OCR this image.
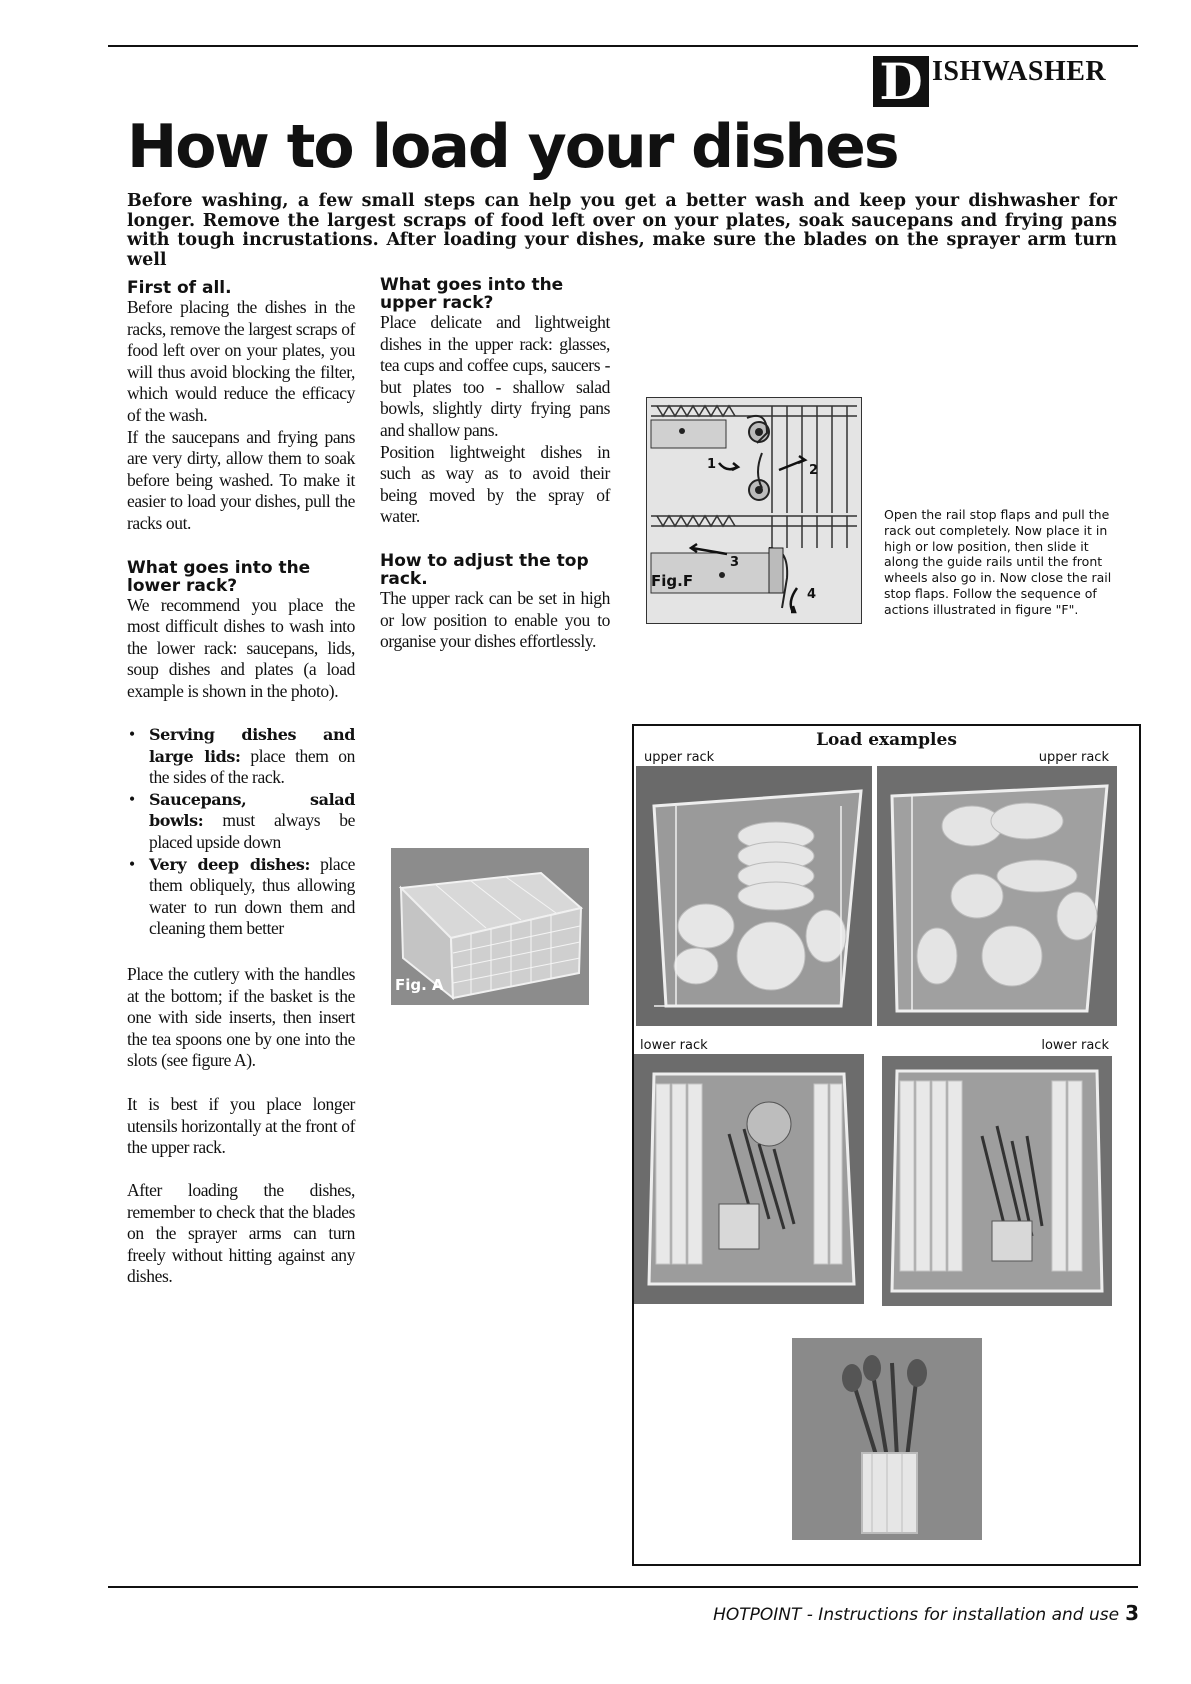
D ISHWASHER
How to load your dishes
Before washing, a few small steps can help you get a better wash and keep your dishwasher for longer. Remove the largest scraps of food left over on your plates, soak saucepans and frying pans with tough incrustations. After loading your dishes, make sure the blades on the sprayer arm turn well

First of all.

Before placing the dishes in the racks, remove the largest scraps of food left over on your plates, you will thus avoid blocking the filter, which would reduce the efficacy of the wash.

If the saucepans and frying pans are very dirty, allow them to soak before being washed. To make it easier to load your dishes, pull the racks out.

What goes into the lower rack?

We recommend you place the most difficult dishes to wash into the lower rack: saucepans, lids, soup dishes and plates (a load example is shown in the photo).

• Serving dishes and large lids: place them on the sides of the rack.
• Saucepans, salad bowls: must always be placed upside down
• Very deep dishes: place them obliquely, thus allowing water to run down them and cleaning them better

Place the cutlery with the handles at the bottom; if the basket is the one with side inserts, then insert the tea spoons one by one into the slots (see figure A).

It is best if you place longer utensils horizontally at the front of the upper rack.

After loading the dishes, remember to check that the blades on the sprayer arms can turn freely without hitting against any dishes.

What goes into the upper rack?

Place delicate and lightweight dishes in the upper rack: glasses, tea cups and coffee cups, saucers - but plates too - shallow salad bowls, slightly dirty frying pans and shallow pans.

Position lightweight dishes in such as way as to avoid their being moved by the spray of water.

How to adjust the top rack.

The upper rack can be set in high or low position to enable you to organise your dishes effortlessly.

1	2
3
4
Fig.F
Open the rail stop flaps and pull the rack out completely. Now place it in high or low position, then slide it along the guide rails until the front wheels also go in. Now close the rail stop flaps. Follow the sequence of actions illustrated in figure "F".
Fig. A
Load examples
upper rack	upper rack
lower rack	lower rack
HOTPOINT - Instructions for installation and use 3
